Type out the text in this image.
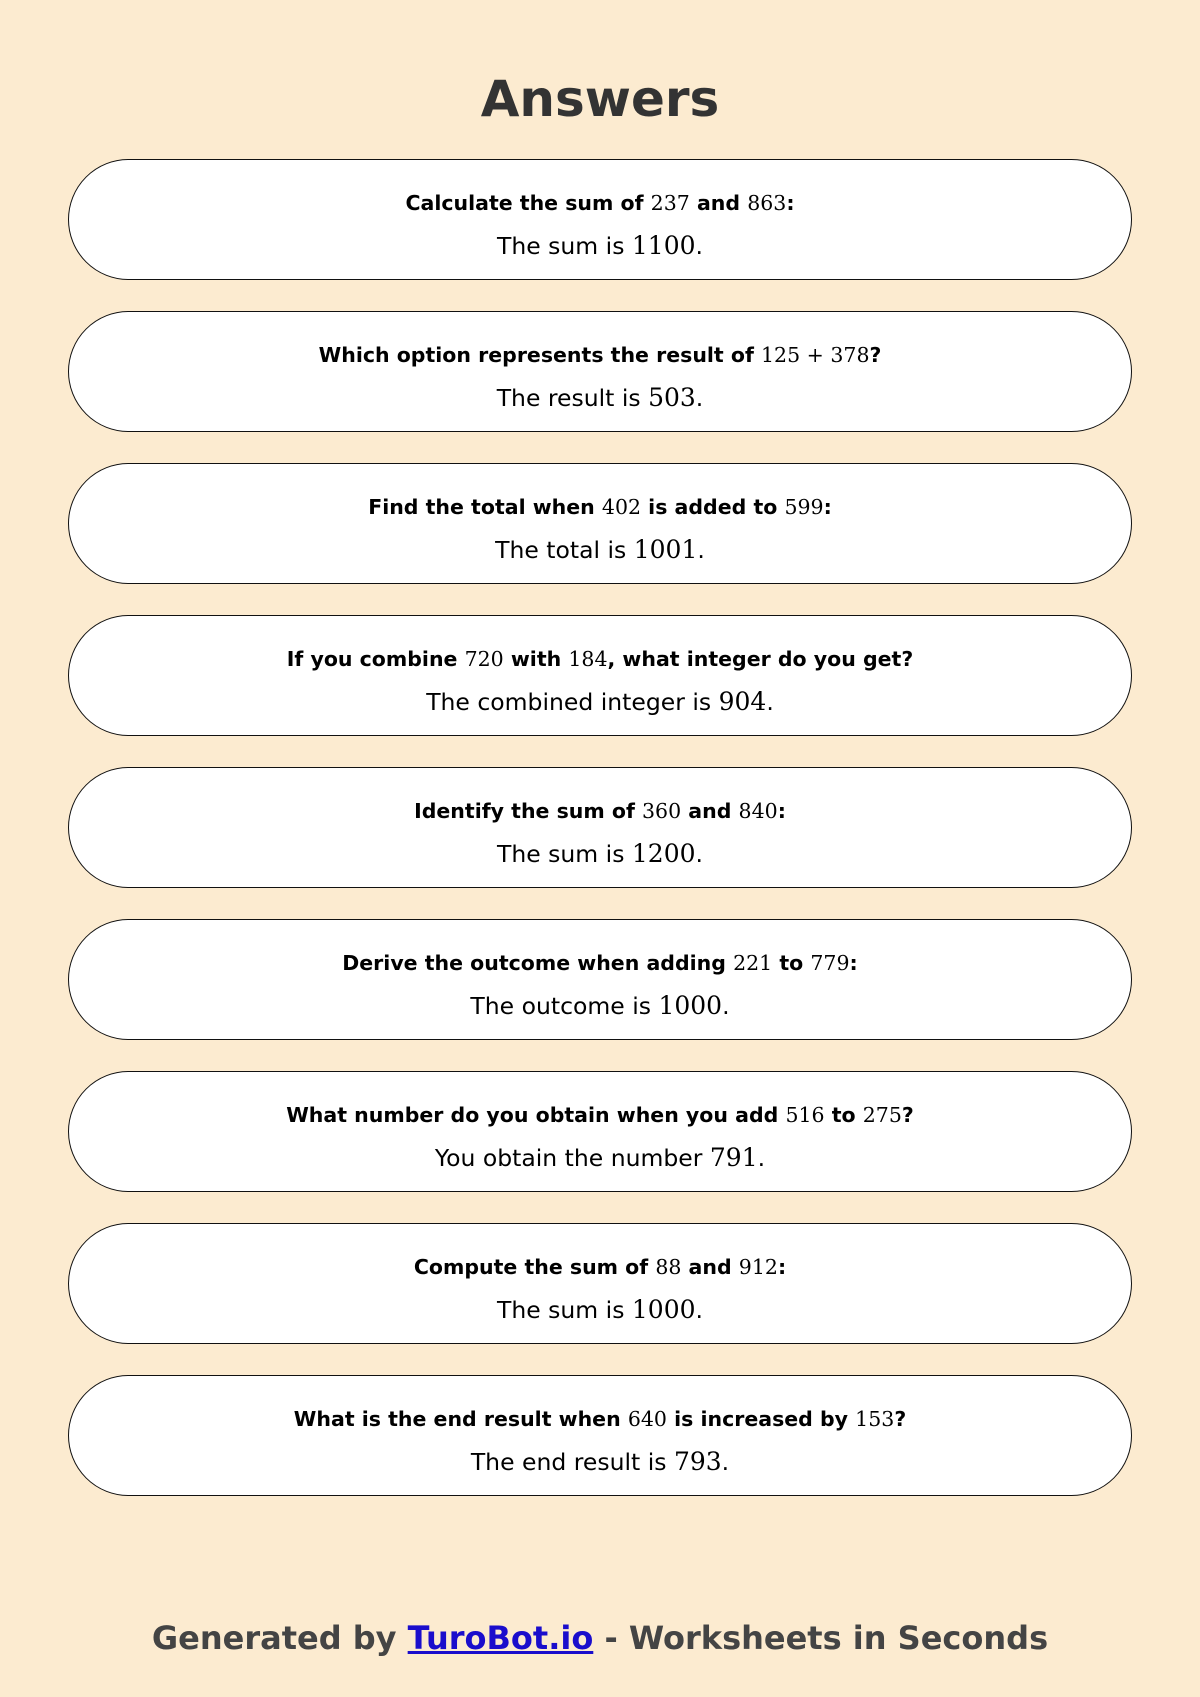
Answers
Calculate the sum of 237 and 863:
The sum is 1100.
Which option represents the result of 125 + 378?
The result is 503.
Find the total when 402 is added to 599:
The total is 1001.
If you combine 720 with 184, what integer do you get?
The combined integer is 904.
Identify the sum of 360 and 840:
The sum is 1200.
Derive the outcome when adding 221 to 779:
The outcome is 1000.
What number do you obtain when you add 516 to 275?
You obtain the number 791.
Compute the sum of 88 and 912:
The sum is 1000.
What is the end result when 640 is increased by 153?
The end result is 793.
Generated by TuroBot.io - Worksheets in Seconds
